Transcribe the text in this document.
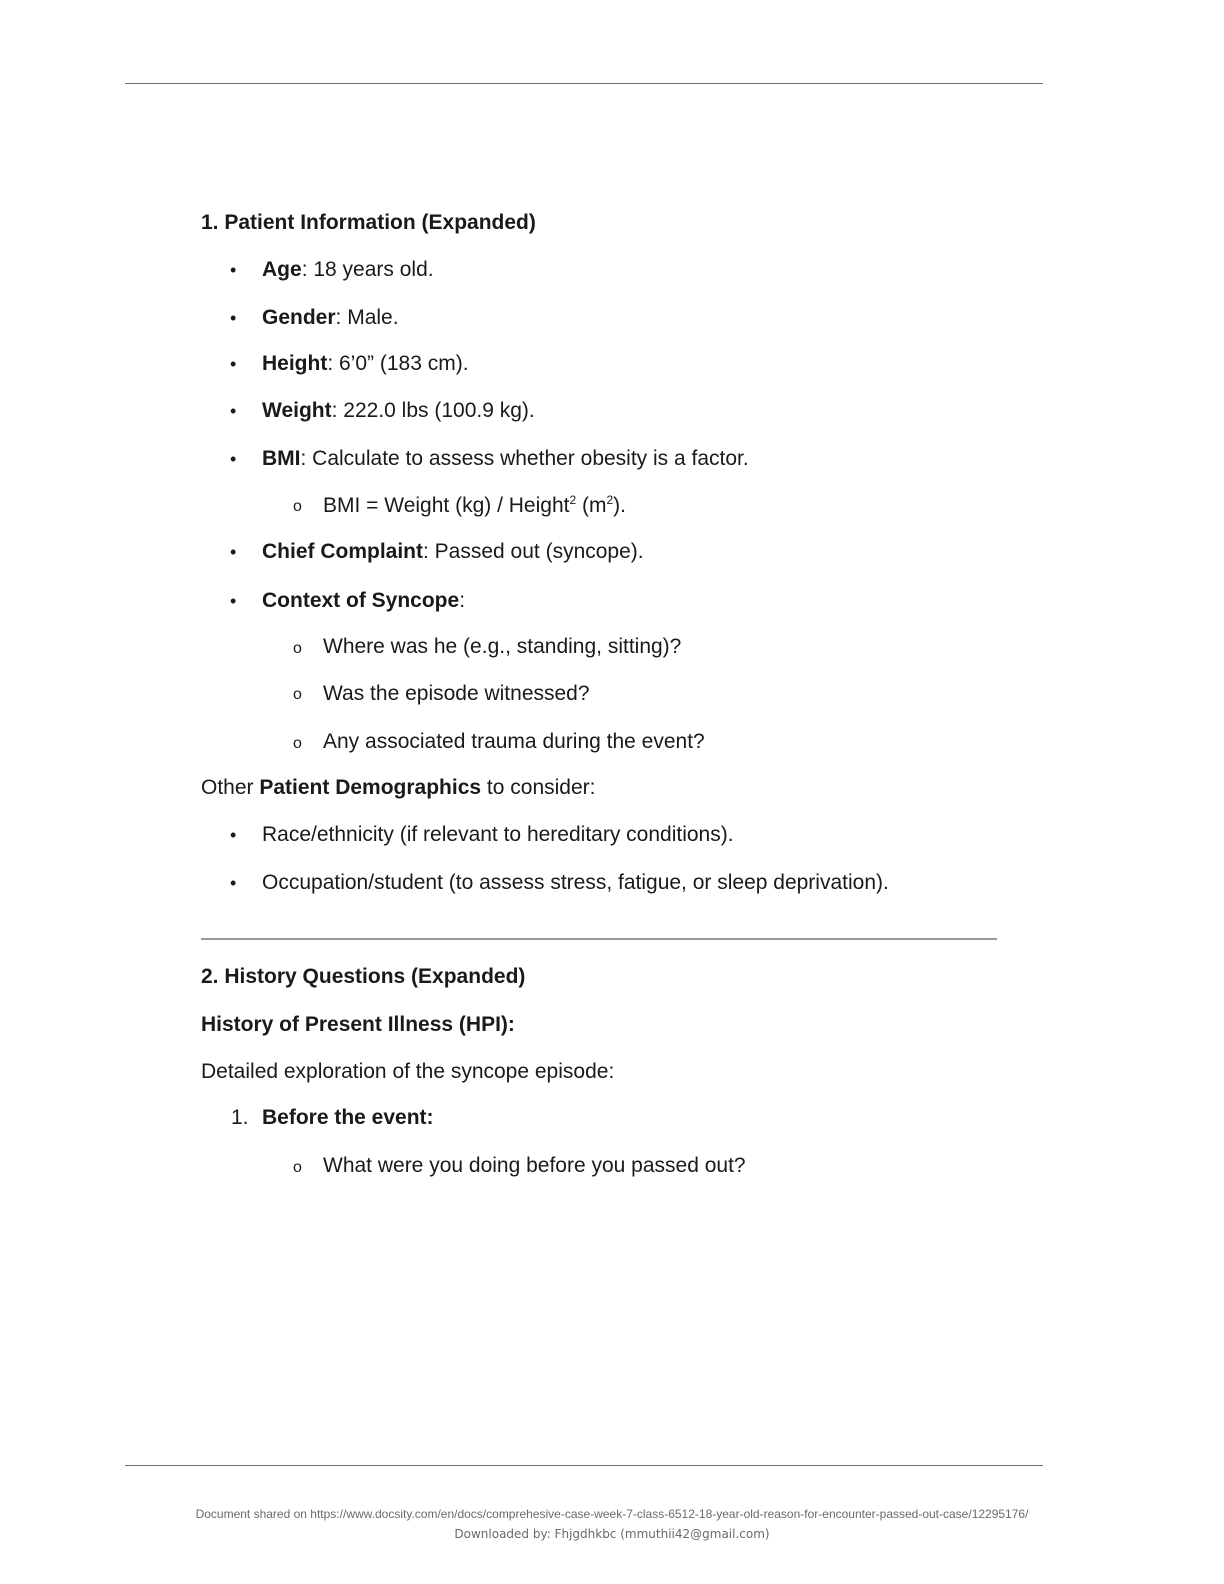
1. Patient Information (Expanded)
• Age: 18 years old.
• Gender: Male.
• Height: 6’0” (183 cm).
• Weight: 222.0 lbs (100.9 kg).
• BMI: Calculate to assess whether obesity is a factor.
o BMI = Weight (kg) / Height$^2$ $(m^2)$.
• Chief Complaint: Passed out (syncope).
• Context of Syncope:
o Where was he (e.g., standing, sitting)?
o Was the episode witnessed?
o Any associated trauma during the event?
Other Patient Demographics to consider:
• Race/ethnicity (if relevant to hereditary conditions).
• Occupation/student (to assess stress, fatigue, or sleep deprivation).
2. History Questions (Expanded)
History of Present Illness (HPI):
Detailed exploration of the syncope episode:
1. Before the event:
o What were you doing before you passed out?

Document shared on https://www.docsity.com/en/docs/comprehesive-case-week-7-class-6512-18-year-old-reason-for-encounter-passed-out-case/12295176/
Downloaded by: Fhjgdhkbc (mmuthii42@gmail.com)
